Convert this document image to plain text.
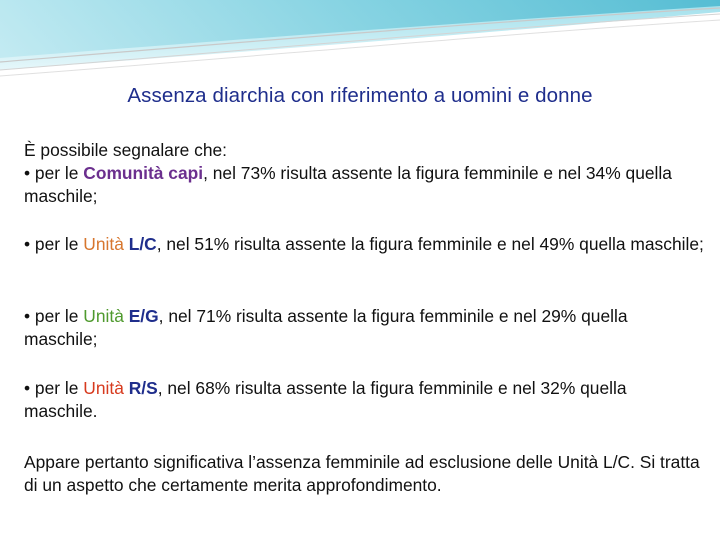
Assenza diarchia con riferimento a uomini e donne
È possibile segnalare che:
• per le Comunità capi, nel 73% risulta assente la figura femminile e nel 34% quella maschile;
• per le Unità L/C, nel 51% risulta assente la figura femminile e nel 49% quella maschile;
• per le Unità E/G, nel 71% risulta assente la figura femminile e nel 29% quella maschile;
• per le Unità R/S, nel 68% risulta assente la figura femminile e nel 32% quella maschile.
Appare pertanto significativa l’assenza femminile ad esclusione delle Unità L/C. Si tratta di un aspetto che certamente merita approfondimento.
